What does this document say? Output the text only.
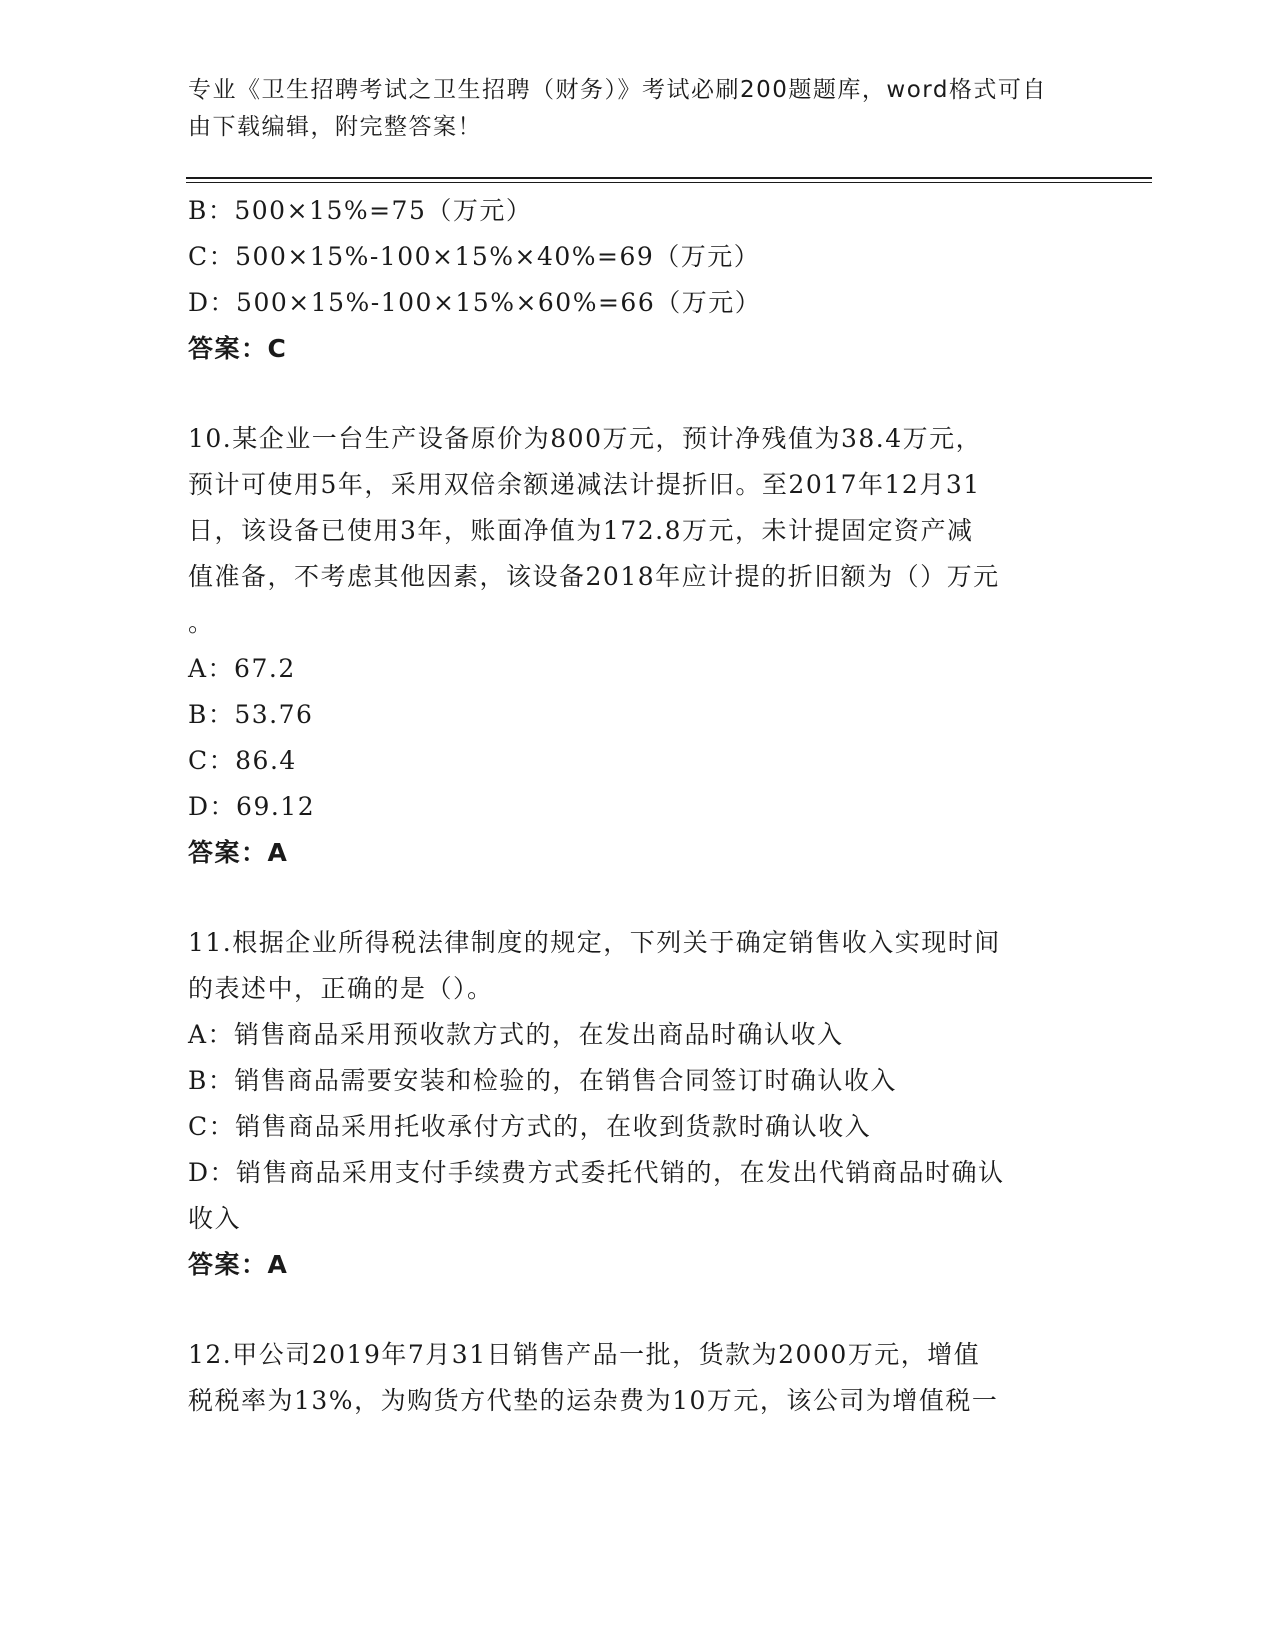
专业《卫生招聘考试之卫生招聘（财务）》考试必刷200题题库，word格式可自
由下载编辑，附完整答案！
B：500×15%=75（万元）
C：500×15%-100×15%×40%=69（万元）
D：500×15%-100×15%×60%=66（万元）
答案：C
10.某企业一台生产设备原价为800万元，预计净残值为38.4万元，
预计可使用5年，采用双倍余额递减法计提折旧。至2017年12月31
日，该设备已使用3年，账面净值为172.8万元，未计提固定资产减
值准备，不考虑其他因素，该设备2018年应计提的折旧额为（）万元
。
A：67.2
B：53.76
C：86.4
D：69.12
答案：A
11.根据企业所得税法律制度的规定，下列关于确定销售收入实现时间
的表述中，正确的是（）。
A：销售商品采用预收款方式的，在发出商品时确认收入
B：销售商品需要安装和检验的，在销售合同签订时确认收入
C：销售商品采用托收承付方式的，在收到货款时确认收入
D：销售商品采用支付手续费方式委托代销的，在发出代销商品时确认
收入
答案：A
12.甲公司2019年7月31日销售产品一批，货款为2000万元，增值
税税率为13%，为购货方代垫的运杂费为10万元，该公司为增值税一
